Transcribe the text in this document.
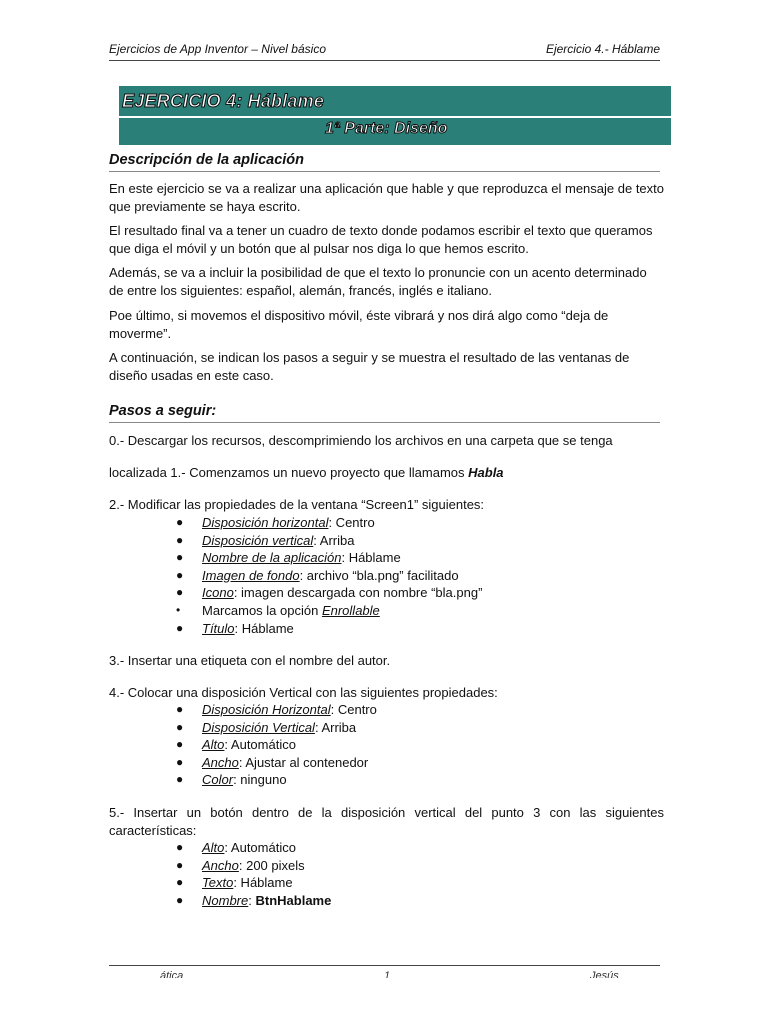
Ejercicios de App Inventor – Nivel básico	Ejercicio 4.- Háblame
EJERCICIO 4: Háblame
1ª Parte: Diseño
Descripción de la aplicación
En este ejercicio se va a realizar una aplicación que hable y que reproduzca el mensaje de texto que previamente se haya escrito.
El resultado final va a tener un cuadro de texto donde podamos escribir el texto que queramos que diga el móvil y un botón que al pulsar nos diga lo que hemos escrito.
Además, se va a incluir la posibilidad de que el texto lo pronuncie con un acento determinado de entre los siguientes: español, alemán, francés, inglés e italiano.
Poe último, si movemos el dispositivo móvil, éste vibrará y nos dirá algo como “deja de moverme”.
A continuación, se indican los pasos a seguir y se muestra el resultado de las ventanas de diseño usadas en este caso.
Pasos a seguir:
0.- Descargar los recursos, descomprimiendo los archivos en una carpeta que se tenga
localizada 1.- Comenzamos un nuevo proyecto que llamamos Habla
2.- Modificar las propiedades de la ventana “Screen1” siguientes:
● Disposición horizontal: Centro
● Disposición vertical: Arriba
● Nombre de la aplicación: Háblame
● Imagen de fondo: archivo “bla.png” facilitado
● Icono: imagen descargada con nombre “bla.png”
• Marcamos la opción Enrollable
● Título: Háblame
3.- Insertar una etiqueta con el nombre del autor.
4.- Colocar una disposición Vertical con las siguientes propiedades:
● Disposición Horizontal: Centro
● Disposición Vertical: Arriba
● Alto: Automático
● Ancho: Ajustar al contenedor
● Color: ninguno
5.- Insertar un botón dentro de la disposición vertical del punto 3 con las siguientes características:
● Alto: Automático
● Ancho: 200 pixels
● Texto: Háblame
● Nombre: BtnHablame
ática	1	Jesús
